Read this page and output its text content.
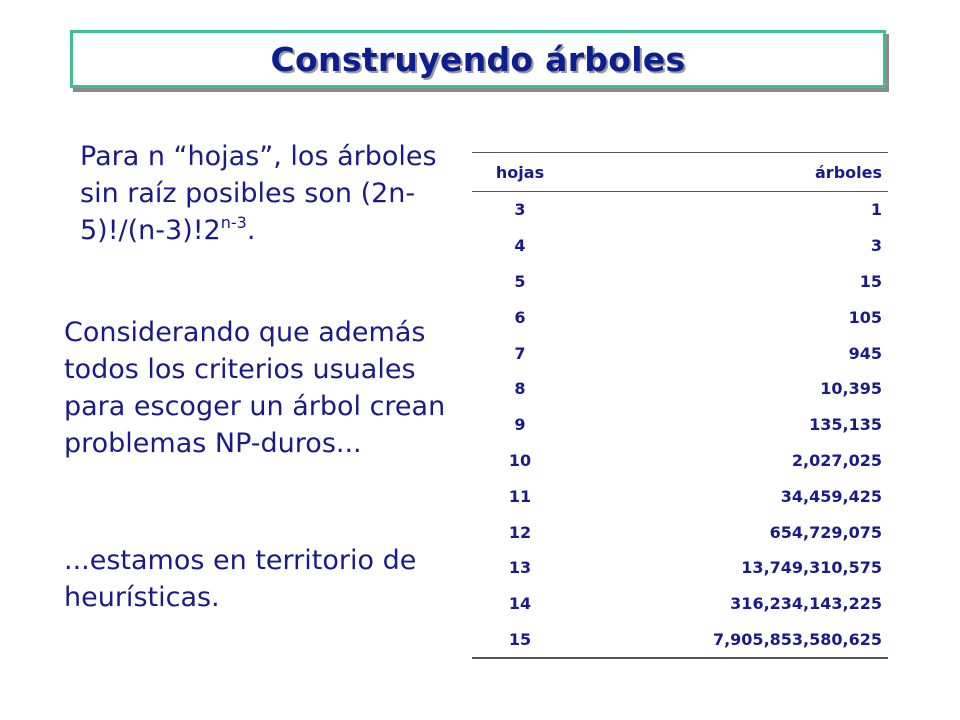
Construyendo árboles
Para n “hojas”, los árboles sin raíz posibles son (2n-5)!/(n-3)!2$^{n-3}$.
Considerando que además todos los criterios usuales para escoger un árbol crean problemas NP-duros...
...estamos en territorio de heurísticas.
hojas	árboles
3	1
4	3
5	15
6	105
7	945
8	10,395
9	135,135
10	2,027,025
11	34,459,425
12	654,729,075
13	13,749,310,575
14	316,234,143,225
15	7,905,853,580,625
